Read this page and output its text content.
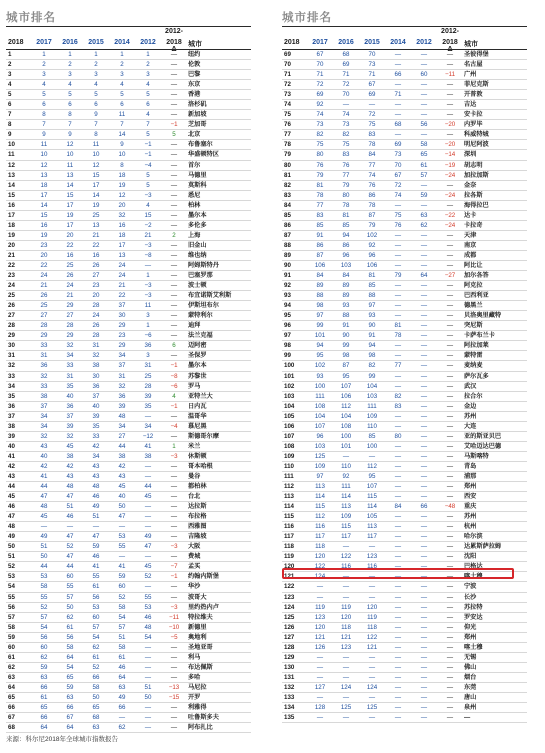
城市排名
2012-
2018	2017	2016	2015	2014	2012	2018 Δ
城市
1	1	1	1	1	1	—	纽约
2	2	2	2	2	2	—	伦敦
3	3	3	3	3	3	—	巴黎
4	4	4	4	4	4	—	东京
5	5	5	5	5	5	—	香港
6	6	6	6	6	6	—	洛杉矶
7	8	8	9	11	4	—	新加坡
8	7	7	7	7	7	−1	芝加哥
9	9	9	8	14	5	5	北京
10	11	12	11	9	−1	—	布鲁塞尔
11	10	10	10	10	−1	—	华盛顿特区
12	12	11	12	8	−4	—	首尔
13	13	13	15	18	5	—	马德里
14	18	14	17	19	5	—	莫斯科
15	17	15	14	12	−3	—	悉尼
16	14	17	19	20	4	—	柏林
17	15	19	25	32	15	—	墨尔本
18	16	17	13	16	−2	—	多伦多
19	19	20	21	18	21	2	上海
20	23	22	22	17	−3	—	旧金山
21	20	16	16	13	−8	—	维也纳
22	22	25	26	24	—	—	阿姆斯特丹
23	24	26	27	24	1	—	巴塞罗那
24	21	24	23	21	−3	—	波士顿
25	26	21	20	22	−3	—	布宜诺斯艾利斯
26	25	29	28	37	11	—	伊斯坦布尔
27	27	27	24	30	3	—	蒙特利尔
28	28	28	26	29	1	—	迪拜
29	29	29	28	23	−6	—	法兰克福
30	33	32	31	29	36	6	迈阿密
31	31	34	32	34	3	—	圣保罗
32	36	33	38	37	31	−1	墨尔本
33	32	31	30	31	25	−8	苏黎世
34	33	35	36	32	28	−6	罗马
35	38	40	37	36	39	4	亚特兰大
36	37	36	40	39	35	−1	日内瓦
37	34	37	39	48	—	—	温哥华
38	34	39	35	34	34	−4	慕尼黑
39	32	32	33	27	−12	—	斯德哥尔摩
40	43	45	42	44	41	1	米兰
41	40	38	34	38	38	−3	休斯顿
42	42	42	43	42	—	—	哥本哈根
43	41	43	43	43	—	—	曼谷
44	44	48	48	45	44	—	都柏林
45	47	47	46	40	45	—	台北
46	48	51	49	50	—	—	达拉斯
47	45	46	51	47	—	—	布拉格
48	—	—	—	—	—	—	西雅图
49	49	47	47	53	49	—	吉隆坡
50	51	52	59	55	47	−3	大阪
51	50	47	46	—	—	—	费城
52	44	44	41	41	45	−7	孟买
53	53	60	55	59	52	−1	约翰内斯堡
54	58	55	61	60	—	—	华沙
55	55	57	56	52	55	—	波哥大
56	52	50	53	58	53	−3	里约热内卢
57	57	62	60	54	46	−11	特拉维夫
58	54	61	57	57	48	−10	新德里
59	56	56	54	51	54	−5	奥地利
60	60	58	62	58	—	—	圣地亚哥
61	62	64	61	61	—	—	利马
62	59	54	52	46	—	—	布达佩斯
63	63	65	66	64	—	—	多哈
64	66	59	58	63	51	−13	马尼拉
65	61	63	50	49	50	−15	开罗
66	65	66	65	66	—	—	利雅得
67	66	67	68	—	—	—	吐鲁斯多夫
68	64	64	63	62	—	—	阿布扎比
城市排名
2012-
2018	2017	2016	2015	2014	2012	2018 Δ
城市
69	67	68	70	—	—	—	圣彼得堡
70	70	69	73	—	—	—	名古屋
71	71	71	71	66	60	−11	广州
72	72	72	67	—	—	—	菲尼克斯
73	69	70	69	71	—	—	开普敦
74	92	—	—	—	—	—	吉达
75	74	74	72	—	—	—	安卡拉
76	73	73	75	68	56	−20	内罗毕
77	82	82	83	—	—	—	科威特城
78	75	75	78	69	58	−20	明尼阿波
79	80	83	84	73	65	−14	深圳
80	76	76	77	70	61	−19	胡志明
81	79	77	74	67	57	−24	加拉加斯
82	81	79	76	72	—	—	金奈
83	78	80	86	74	59	−24	拉各斯
84	77	78	78	—	—	—	海得拉巴
85	83	81	87	75	63	−22	达卡
86	85	85	79	76	62	−24	卡拉奇
87	91	94	102	—	—	—	天津
88	86	86	92	—	—	—	南京
89	87	96	96	—	—	—	成都
90	106	103	106	—	—	—	阿比让
91	84	84	81	79	64	−27	加尔各答
92	89	89	85	—	—	—	阿克拉
93	88	89	88	—	—	—	巴西利亚
94	98	93	97	—	—	—	德黑兰
95	97	88	93	—	—	—	贝洛奥里藏特
96	99	91	90	81	—	—	突尼斯
97	101	90	91	78	—	—	卡萨布兰卡
98	94	99	94	—	—	—	阿拉加莱
99	95	98	98	—	—	—	蒙特雷
100	102	87	82	77	—	—	麦纳麦
101	93	95	99	—	—	—	萨尔瓦多
102	100	107	104	—	—	—	武汉
103	111	106	103	82	—	—	拉合尔
104	108	112	111	83	—	—	金边
105	104	104	109	—	—	—	苏州
106	107	108	110	—	—	—	大连
107	96	100	85	80	—	—	亚的斯亚贝巴
108	103	101	100	—	—	—	艾哈迈达巴德
109	125	—	—	—	—	—	马斯喀特
110	109	110	112	—	—	—	青岛
111	97	92	95	—	—	—	浦那
112	113	111	107	—	—	—	郑州
113	114	114	115	—	—	—	西安
114	115	113	114	84	66	−48	重庆
115	112	109	105	—	—	—	苏州
116	116	115	113	—	—	—	杭州
117	117	117	117	—	—	—	哈尔滨
118	118	—	—	—	—	—	达累斯萨拉姆
119	120	122	123	—	—	—	沈阳
120	122	116	116	—	—	—	巴格达
121	124	—	—	—	—	—	喀土穆
122	—	—	—	—	—	—	宁波
123	—	—	—	—	—	—	长沙
124	119	119	120	—	—	—	苏拉特
125	123	120	119	—	—	—	罗安达
126	120	118	118	—	—	—	仰光
127	121	121	122	—	—	—	郑州
128	126	123	121	—	—	—	喀土穆
129	—	—	—	—	—	—	无锡
130	—	—	—	—	—	—	佛山
131	—	—	—	—	—	—	烟台
132	127	124	124	—	—	—	东莞
133	—	—	—	—	—	—	唐山
134	128	125	125	—	—	—	泉州
135	—	—	—	—	—	—	—
来源：科尔尼2018年全球城市指数报告
